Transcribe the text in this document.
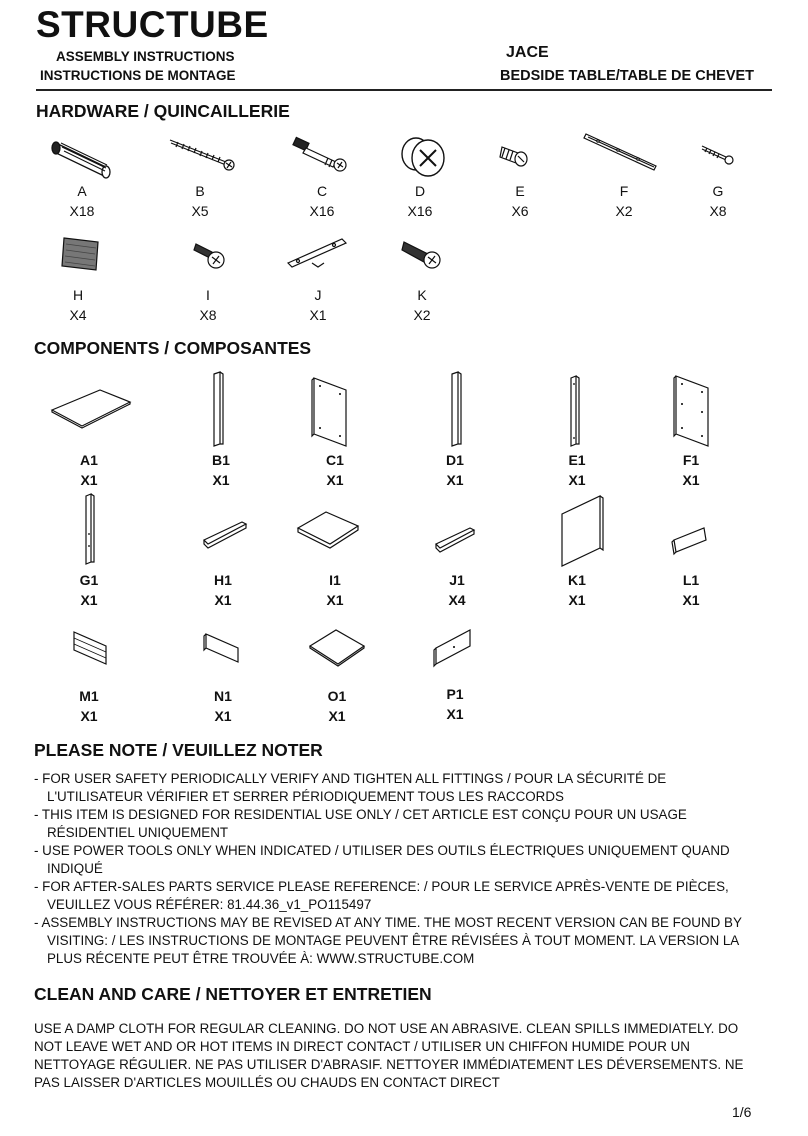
STRUCTUBE
ASSEMBLY INSTRUCTIONS
INSTRUCTIONS DE MONTAGE
JACE
BEDSIDE TABLE/TABLE DE CHEVET
HARDWARE / QUINCAILLERIE
A
X18
B
X5
C
X16
D
X16
E
X6
F
X2
G
X8
H
X4
I
X8
J
X1
K
X2
COMPONENTS / COMPOSANTES
A1
X1
B1
X1
C1
X1
D1
X1
E1
X1
F1
X1
G1
X1
H1
X1
I1
X1
J1
X4
K1
X1
L1
X1
M1
X1
N1
X1
O1
X1
P1
X1
PLEASE NOTE / VEUILLEZ NOTER
- FOR USER SAFETY PERIODICALLY VERIFY AND TIGHTEN ALL FITTINGS / POUR LA SÉCURITÉ DE L'UTILISATEUR VÉRIFIER ET SERRER PÉRIODIQUEMENT TOUS LES RACCORDS
- THIS ITEM IS DESIGNED FOR RESIDENTIAL USE ONLY / CET ARTICLE EST CONÇU POUR UN USAGE RÉSIDENTIEL UNIQUEMENT
- USE POWER TOOLS ONLY WHEN INDICATED / UTILISER DES OUTILS ÉLECTRIQUES UNIQUEMENT QUAND INDIQUÉ
- FOR AFTER-SALES PARTS SERVICE PLEASE REFERENCE: / POUR LE SERVICE APRÈS-VENTE DE PIÈCES, VEUILLEZ VOUS RÉFÉRER: 81.44.36_v1_PO115497
- ASSEMBLY INSTRUCTIONS MAY BE REVISED AT ANY TIME. THE MOST RECENT VERSION CAN BE FOUND BY VISITING: / LES INSTRUCTIONS DE MONTAGE PEUVENT ÊTRE RÉVISÉES À TOUT MOMENT. LA VERSION LA PLUS RÉCENTE PEUT ÊTRE TROUVÉE À: WWW.STRUCTUBE.COM
CLEAN AND CARE / NETTOYER ET ENTRETIEN
USE A DAMP CLOTH FOR REGULAR CLEANING. DO NOT USE AN ABRASIVE. CLEAN SPILLS IMMEDIATELY. DO NOT LEAVE WET AND OR HOT ITEMS IN DIRECT CONTACT / UTILISER UN CHIFFON HUMIDE POUR UN NETTOYAGE RÉGULIER. NE PAS UTILISER D'ABRASIF. NETTOYER IMMÉDIATEMENT LES DÉVERSEMENTS. NE PAS LAISSER D'ARTICLES MOUILLÉS OU CHAUDS EN CONTACT DIRECT
1/6
